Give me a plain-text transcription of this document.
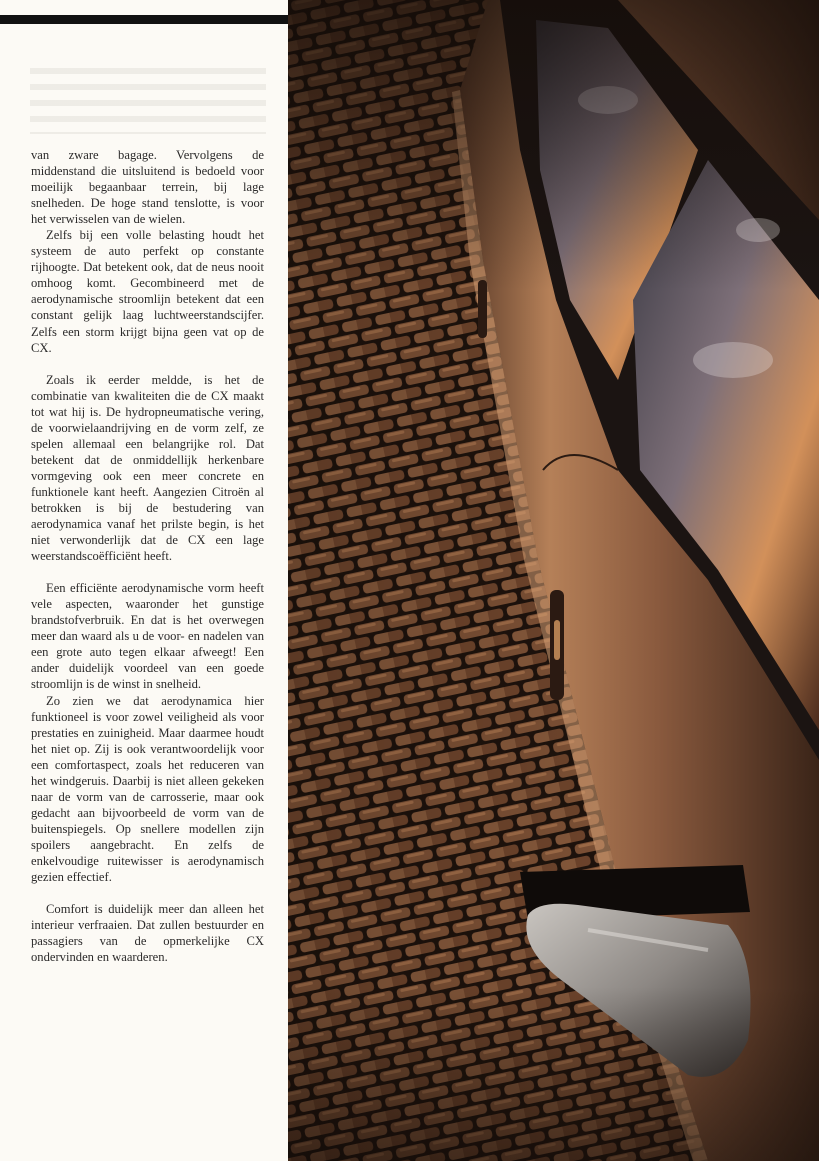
van zware bagage. Vervolgens de middenstand die uitsluitend is bedoeld voor moeilijk begaanbaar terrein, bij lage snelheden. De hoge stand tenslotte, is voor het verwisselen van de wielen.

Zelfs bij een volle belasting houdt het systeem de auto perfekt op constante rijhoogte. Dat betekent ook, dat de neus nooit omhoog komt. Gecombineerd met de aerodynamische stroomlijn betekent dat een constant gelijk laag luchtweerstandscijfer. Zelfs een storm krijgt bijna geen vat op de CX.

Zoals ik eerder meldde, is het de combinatie van kwaliteiten die de CX maakt tot wat hij is. De hydropneumatische vering, de voorwielaandrijving en de vorm zelf, ze spelen allemaal een belangrijke rol. Dat betekent dat de onmiddellijk herkenbare vormgeving ook een meer concrete en funktionele kant heeft. Aangezien Citroën al betrokken is bij de bestudering van aerodynamica vanaf het prilste begin, is het niet verwonderlijk dat de CX een lage weerstandscoëfficiënt heeft.

Een efficiënte aerodynamische vorm heeft vele aspecten, waaronder het gunstige brandstofverbruik. En dat is het overwegen meer dan waard als u de voor- en nadelen van een grote auto tegen elkaar afweegt! Een ander duidelijk voordeel van een goede stroomlijn is de winst in snelheid.

Zo zien we dat aerodynamica hier funktioneel is voor zowel veiligheid als voor prestaties en zuinigheid. Maar daarmee houdt het niet op. Zij is ook verantwoordelijk voor een comfortaspect, zoals het reduceren van het windgeruis. Daarbij is niet alleen gekeken naar de vorm van de carrosserie, maar ook gedacht aan bijvoorbeeld de vorm van de buitenspiegels. Op snellere modellen zijn spoilers aangebracht. En zelfs de enkelvoudige ruitewisser is aerodynamisch gezien effectief.

Comfort is duidelijk meer dan alleen het interieur verfraaien. Dat zullen bestuurder en passagiers van de opmerkelijke CX ondervinden en waarderen.
